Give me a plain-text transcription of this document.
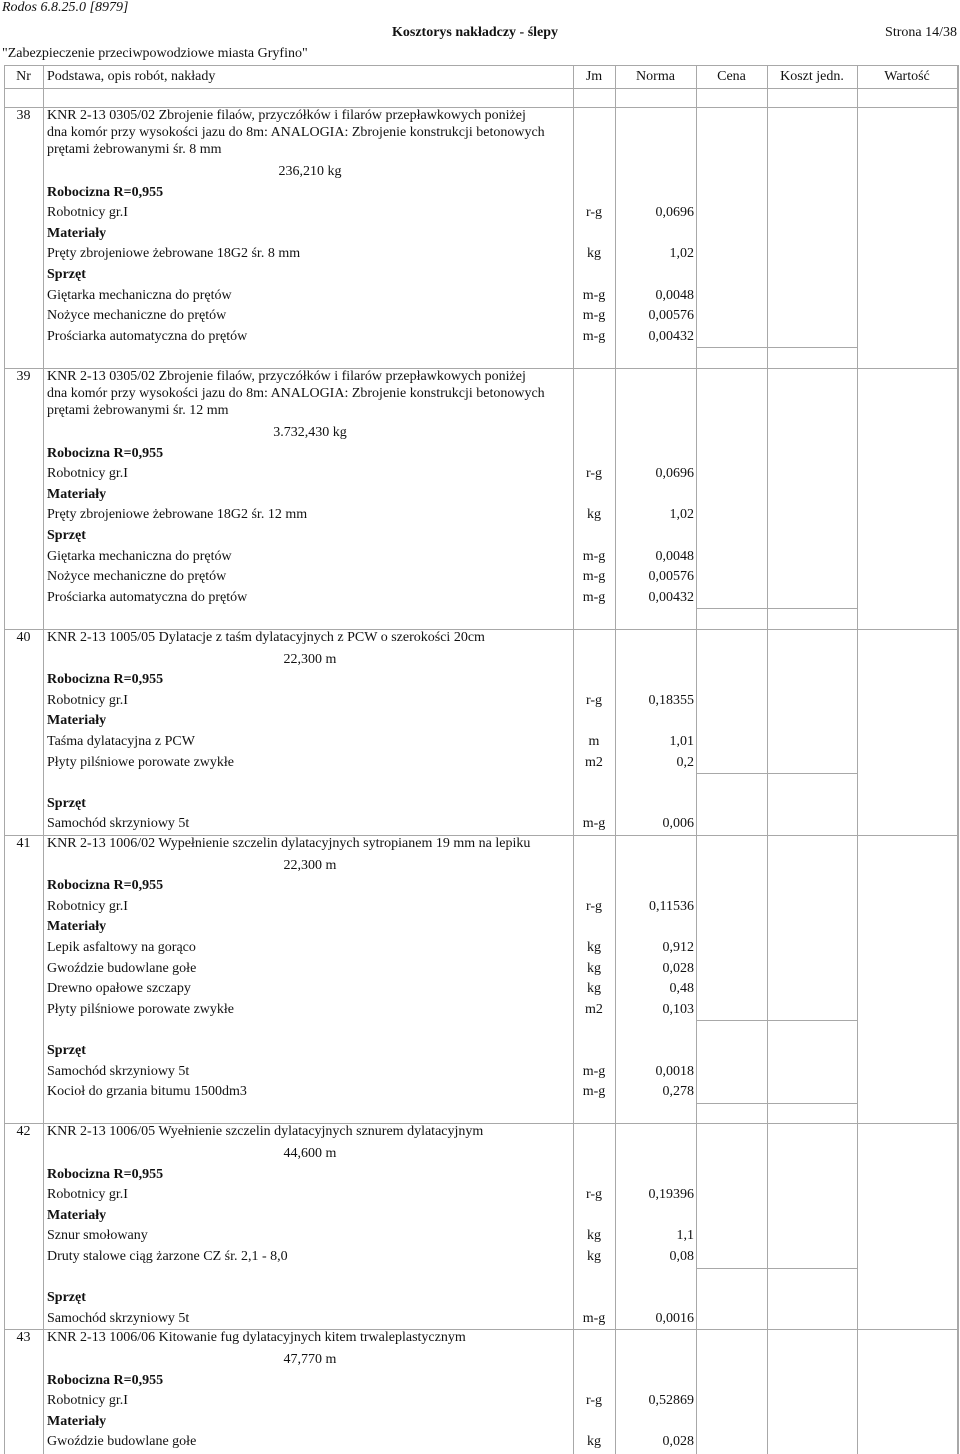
Rodos 6.8.25.0 [8979]
Kosztorys nakładczy - ślepy	Strona 14/38
"Zabezpieczenie przeciwpowodziowe miasta Gryfino"
Nr	Podstawa, opis robót, nakłady	Jm	Norma	Cena	Koszt jedn.	Wartość
38	KNR 2-13 0305/02 Zbrojenie filaów, przyczółków i filarów przepławkowych poniżej
dna komór przy wysokości jazu do 8m: ANALOGIA: Zbrojenie konstrukcji betonowych
prętami żebrowanymi śr. 8 mm
236,210 kg
Robocizna R=0,955
Robotnicy gr.I	r-g	0,0696
Materiały
Pręty zbrojeniowe żebrowane 18G2 śr. 8 mm	kg	1,02
Sprzęt
Giętarka mechaniczna do prętów	m-g	0,0048
Nożyce mechaniczne do prętów	m-g	0,00576
Prościarka automatyczna do prętów	m-g	0,00432
39	KNR 2-13 0305/02 Zbrojenie filaów, przyczółków i filarów przepławkowych poniżej
dna komór przy wysokości jazu do 8m: ANALOGIA: Zbrojenie konstrukcji betonowych
prętami żebrowanymi śr. 12 mm
3.732,430 kg
Robocizna R=0,955
Robotnicy gr.I	r-g	0,0696
Materiały
Pręty zbrojeniowe żebrowane 18G2 śr. 12 mm	kg	1,02
Sprzęt
Giętarka mechaniczna do prętów	m-g	0,0048
Nożyce mechaniczne do prętów	m-g	0,00576
Prościarka automatyczna do prętów	m-g	0,00432
40	KNR 2-13 1005/05 Dylatacje z taśm dylatacyjnych z PCW o szerokości 20cm
22,300 m
Robocizna R=0,955
Robotnicy gr.I	r-g	0,18355
Materiały
Taśma dylatacyjna z PCW	m	1,01
Płyty pilśniowe porowate zwykłe	m2	0,2
Sprzęt
Samochód skrzyniowy 5t	m-g	0,006
41	KNR 2-13 1006/02 Wypełnienie szczelin dylatacyjnych sytropianem 19 mm na lepiku
22,300 m
Robocizna R=0,955
Robotnicy gr.I	r-g	0,11536
Materiały
Lepik asfaltowy na gorąco	kg	0,912
Gwoździe budowlane gołe	kg	0,028
Drewno opałowe szczapy	kg	0,48
Płyty pilśniowe porowate zwykłe	m2	0,103
Sprzęt
Samochód skrzyniowy 5t	m-g	0,0018
Kocioł do grzania bitumu 1500dm3	m-g	0,278
42	KNR 2-13 1006/05 Wyełnienie szczelin dylatacyjnych sznurem dylatacyjnym
44,600 m
Robocizna R=0,955
Robotnicy gr.I	r-g	0,19396
Materiały
Sznur smołowany	kg	1,1
Druty stalowe ciąg żarzone CZ śr. 2,1 - 8,0	kg	0,08
Sprzęt
Samochód skrzyniowy 5t	m-g	0,0016
43	KNR 2-13 1006/06 Kitowanie fug dylatacyjnych kitem trwaleplastycznym
47,770 m
Robocizna R=0,955
Robotnicy gr.I	r-g	0,52869
Materiały
Gwoździe budowlane gołe	kg	0,028
